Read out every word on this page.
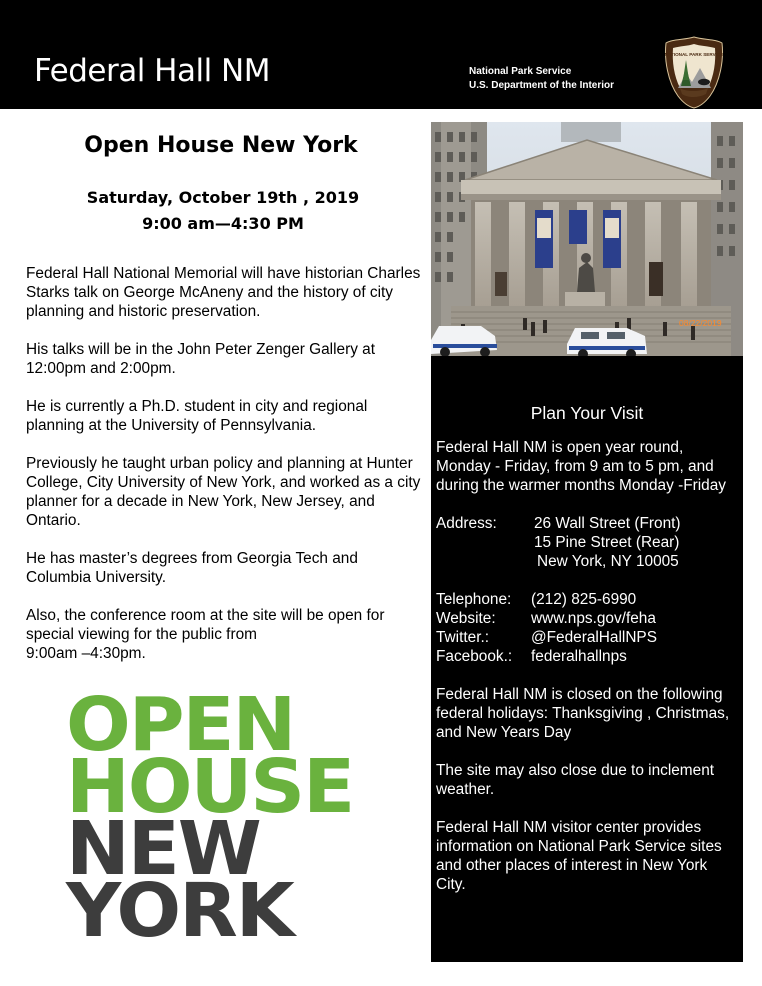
Federal Hall NM	National Park Service
U.S. Department of the Interior
NATIONAL PARK SERVICE
Open House New York
Saturday, October 19th , 2019
9:00 am—4:30 PM

Federal Hall National Memorial will have historian Charles Starks talk on George McAneny and the history of city planning and historic preservation.

His talks will be in the John Peter Zenger Gallery at 12:00pm and 2:00pm.

He is currently a Ph.D. student in city and regional planning at the University of Pennsylvania.

Previously he taught urban policy and planning at Hunter College, City University of New York, and worked as a city planner for a decade in New York, New Jersey, and Ontario.

He has master’s degrees from Georgia Tech and Columbia University.

Also, the conference room at the site will be open for special viewing for the public from
9:00am –4:30pm.

OPEN
HOUSE
NEW
YORK
08/22/2019
Plan Your Visit

Federal Hall NM is open year round, Monday - Friday, from 9 am to 5 pm, and during the warmer months Monday -Friday

Address:	26 Wall Street (Front)
15 Pine Street (Rear)
New York, NY 10005

Telephone:	(212) 825-6990
Website:	www.nps.gov/feha
Twitter.:	@FederalHallNPS
Facebook.:	federalhallnps

Federal Hall NM is closed on the following federal holidays: Thanksgiving , Christmas, and New Years Day

The site may also close due to inclement weather.

Federal Hall NM visitor center provides information on National Park Service sites and other places of interest in New York City.
